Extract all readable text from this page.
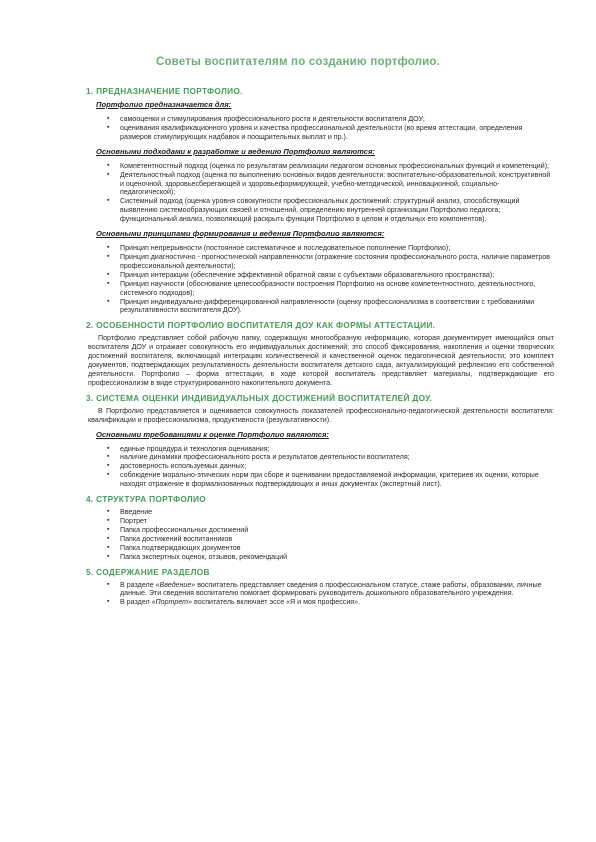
Советы воспитателям по созданию портфолио.
1. ПРЕДНАЗНАЧЕНИЕ ПОРТФОЛИО.
Портфолио предназначается для:
▪ самооценки и стимулирования профессионального роста и деятельности воспитателя ДОУ;
▪ оценивания квалификационного уровня и качества профессиональной деятельности (во время аттестации, определения размеров стимулирующих надбавок и поощрительных выплат и пр.).
Основными подходами к разработке и ведению Портфолио являются:
▪ Компетентностный подход (оценка по результатам реализации педагогом основных профессиональных функций и компетенций);
▪ Деятельностный подход (оценка по выполнению основных видов деятельности: воспитательно-образовательной, конструктивной и оценочной, здоровьесберегающей и здоровьеформирующей, учебно-методической, инновационной, социально-педагогической);
▪ Системный подход (оценка уровня совокупности профессиональных достижений: структурный анализ, способствующий выявлению системообразующих связей и отношений, определению внутренней организации Портфолио педагога; функциональный анализ, позволяющий раскрыть функции Портфолио в целом и отдельных его компонентов).
Основными принципами формирования и ведения Портфолио являются:
▪ Принцип непрерывности (постоянное систематичное и последовательное пополнение Портфолио);
▪ Принцип диагностично - прогностической направленности (отражение состояния профессионального роста, наличие параметров профессиональной деятельности);
▪ Принцип интеракции (обеспечение эффективной обратной связи с субъектами образовательного пространства);
▪ Принцип научности (обоснование целесообразности построения Портфолио на основе компетентностного, деятельностного, системного подходов);
▪ Принцип индивидуально-дифференцированной направленности (оценку профессионализма в соответствии с требованиями результативности воспитателя ДОУ).
2. ОСОБЕННОСТИ ПОРТФОЛИО ВОСПИТАТЕЛЯ ДОУ КАК ФОРМЫ АТТЕСТАЦИИ.
Портфолио представляет собой рабочую папку, содержащую многообразную информацию, которая документирует имеющийся опыт воспитателя ДОУ и отражает совокупность его индивидуальных достижений; это способ фиксирования, накопления и оценки творческих достижений воспитателя, включающий интеграцию количественной и качественной оценок педагогической деятельности; это комплект документов, подтверждающих результативность деятельности воспитателя детского сада, актуализирующий рефлексию его собственной деятельности. Портфолио – форма аттестации, в ходе которой воспитатель представляет материалы, подтверждающие его профессионализм в виде структурированного накопительного документа.
3. СИСТЕМА ОЦЕНКИ ИНДИВИДУАЛЬНЫХ ДОСТИЖЕНИЙ ВОСПИТАТЕЛЕЙ ДОУ.
В Портфолио представляется и оценивается совокупность показателей профессионально-педагогической деятельности воспитателя: квалификации и профессионализма, продуктивности (результативности).
Основными требованиями к оценке Портфолио являются:
▪ единые процедура и технология оценивания;
▪ наличие динамики профессионального роста и результатов деятельности воспитателя;
▪ достоверность используемых данных;
▪ соблюдение морально-этических норм при сборе и оценивании предоставляемой информации, критериев их оценки, которые находят отражение в формализованных подтверждающих и иных документах (экспертный лист).
4. СТРУКТУРА ПОРТФОЛИО
▪ Введение
▪ Портрет
▪ Папка профессиональных достижений
▪ Папка достижений воспитанников
▪ Папка подтверждающих документов
▪ Папка экспертных оценок, отзывов, рекомендаций
5. СОДЕРЖАНИЕ РАЗДЕЛОВ
▪ В разделе «Введение» воспитатель представляет сведения о профессиональном статусе, стаже работы, образовании, личные данные. Эти сведения воспитателю помогает формировать руководитель дошкольного образовательного учреждения.
▪ В раздел «Портрет» воспитатель включает эссе «Я и моя профессия».
